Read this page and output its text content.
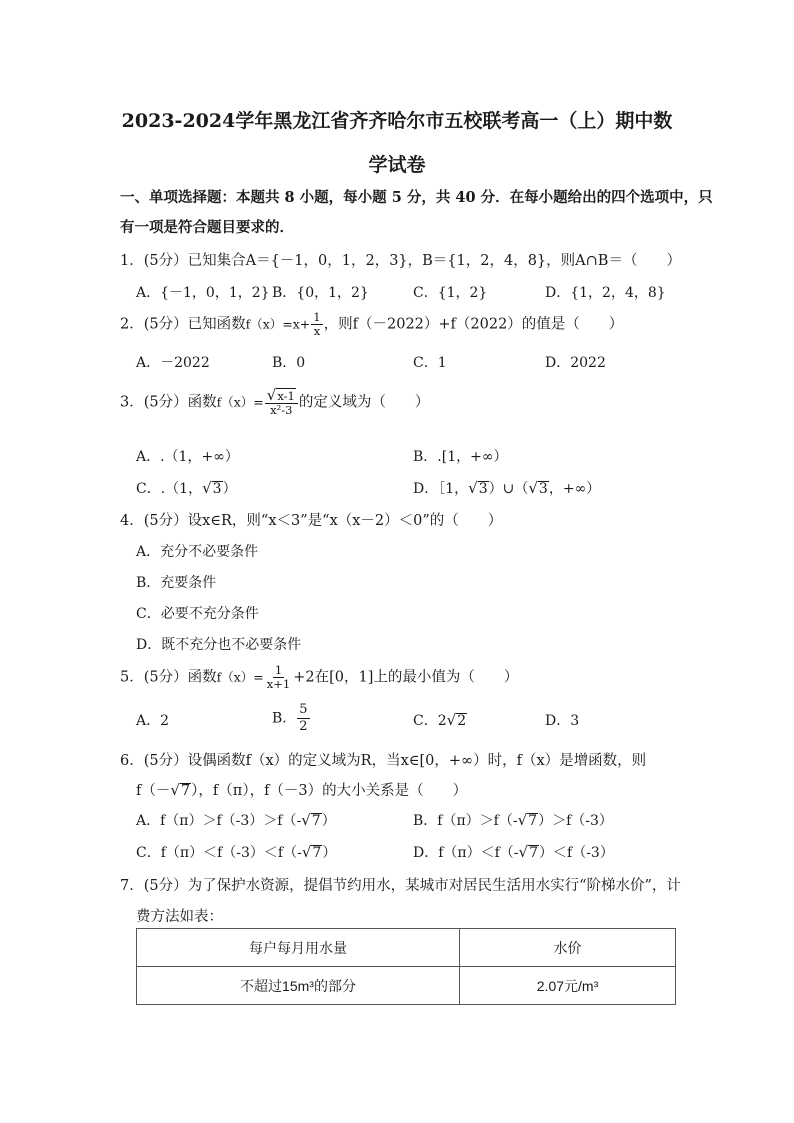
2023-2024学年黑龙江省齐齐哈尔市五校联考高一（上）期中数
学试卷
一、单项选择题：本题共 8 小题，每小题 5 分，共 40 分．在每小题给出的四个选项中，只
有一项是符合题目要求的．
1．(5分）已知集合A＝{－1，0，1，2，3}，B＝{1，2，4，8}，则A∩B＝（　　）
A．{－1，0，1，2} B．{0，1，2}	C．{1，2}	D．{1，2，4，8}
2．(5分）已知函数$f(x)=x+ \frac{1}{x}$ ，则f（－2022）+f（2022）的值是（　　）
A．－2022	B．0	C．1	D．2022
3．(5分）函数$f(x)= \frac{√x-1}{\text{x²-3}}$ 的定义域为（　　）
A．.（1，+∞）	B．.[1，+∞）
C．.（1，√3）	D．［1，√3）∪（√3，+∞）
4．(5分）设x∈R，则“x＜3”是“x（x－2）＜0”的（　　）
A．充分不必要条件
B．充要条件
C．必要不充分条件
D．既不充分也不必要条件
5．(5分）函数$f(x)= \frac{1}{x+1} +2$在[0，1]上的最小值为（　　）
A．2	B． $\frac{5}{2}$	C．2√2	D．3
6．(5分）设偶函数f（x）的定义域为R，当x∈[0，+∞）时，f（x）是增函数，则
f（－√7），f（π），f（－3）的大小关系是（　　）
A．f（π）＞f（-3）＞f（-√7）	B．f（π）＞f（-√7）＞f（-3）
C．f（π）＜f（-3）＜f（-√7）	D．f（π）＜f（-√7）＜f（-3）
7．(5分）为了保护水资源，提倡节约用水，某城市对居民生活用水实行“阶梯水价”，计
费方法如表：
每户每月用水量	水价
不超过15m³的部分	2.07元/m³
